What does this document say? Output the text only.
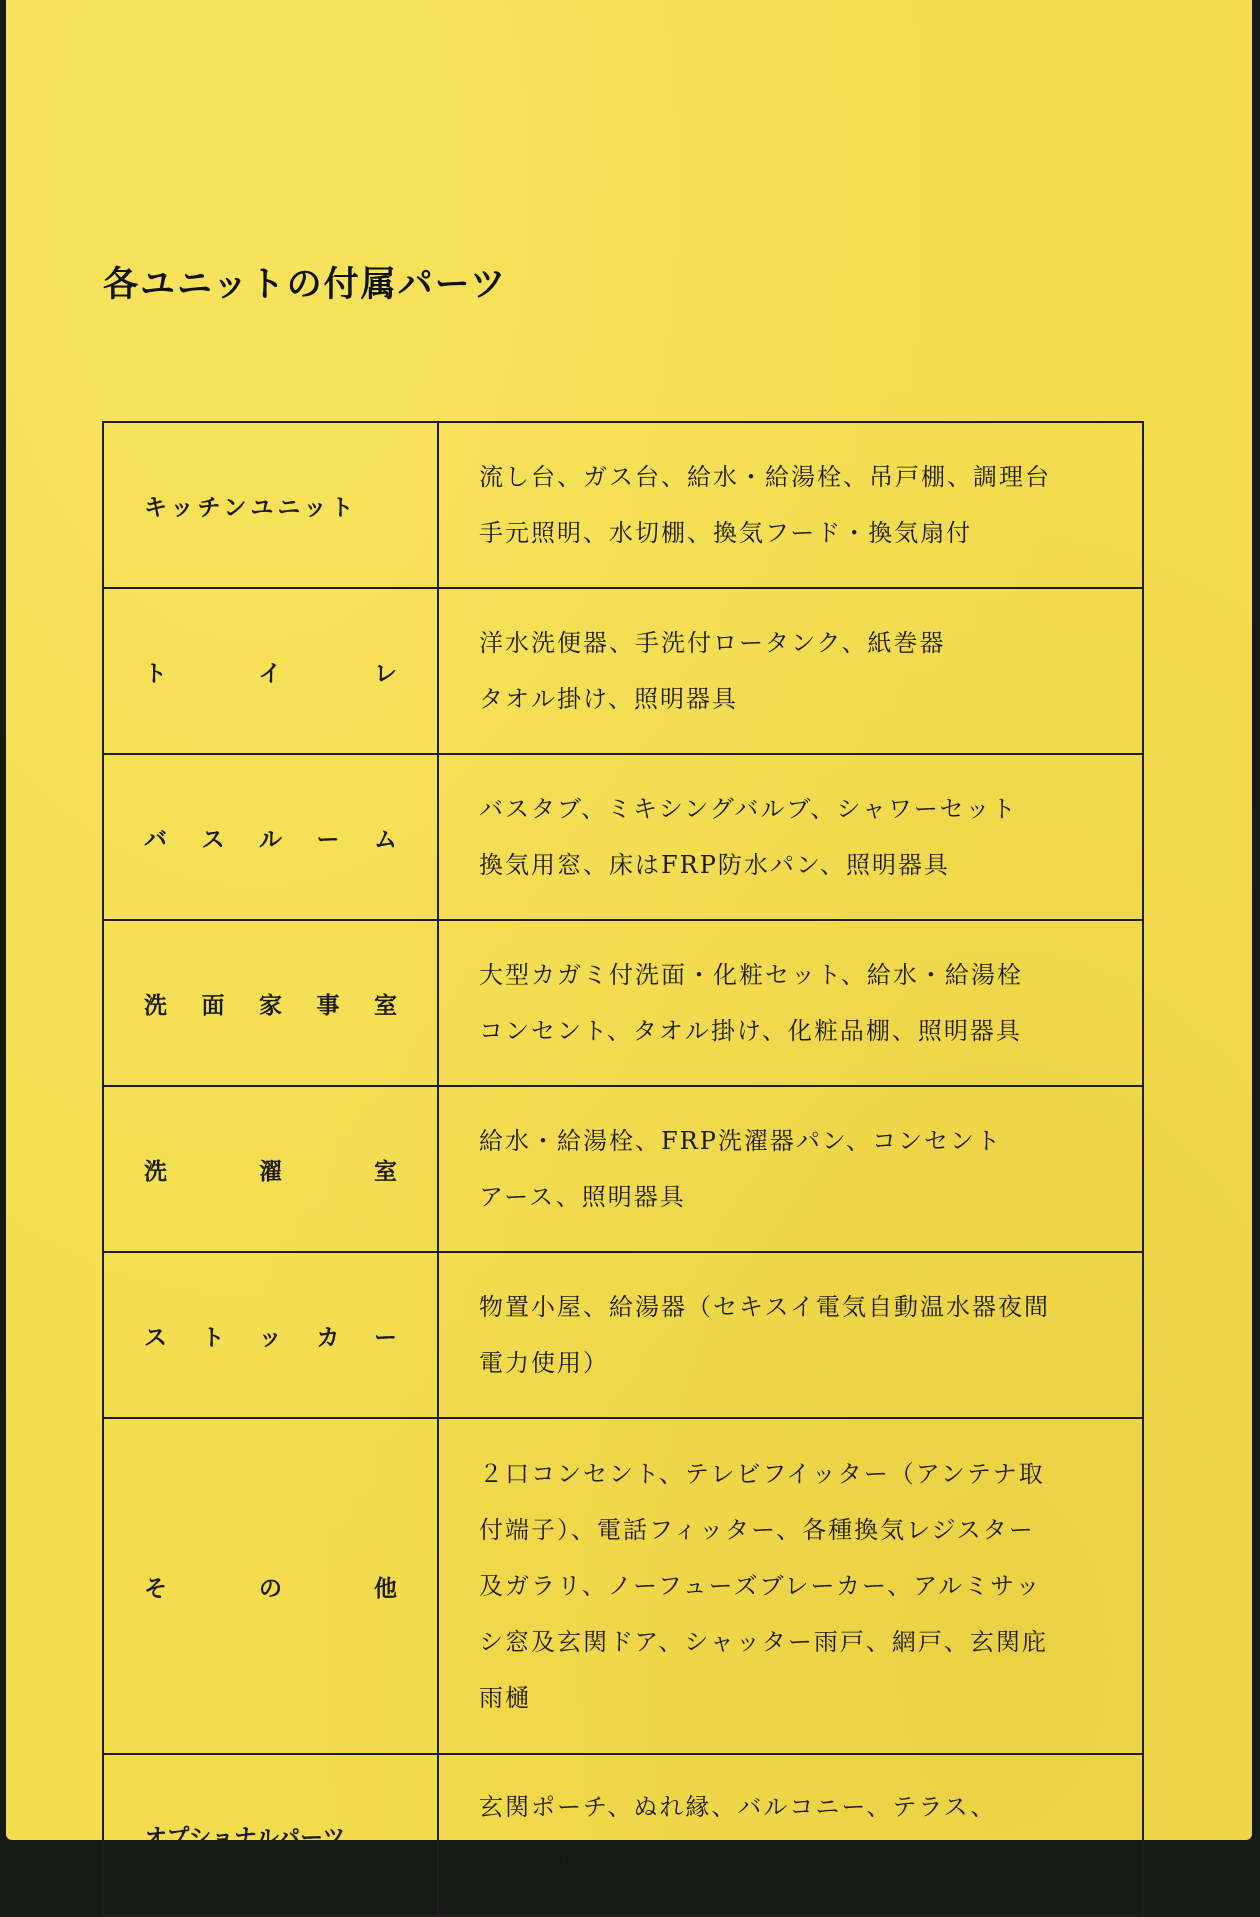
各ユニットの付属パーツ
キッチンユニット	流し台、ガス台、給水・給湯栓、吊戸棚、調理台
手元照明、水切棚、換気フード・換気扇付

トイレ	洋水洗便器、手洗付ロータンク、紙巻器
タオル掛け、照明器具

バスルーム	バスタブ、ミキシングバルブ、シャワーセット
換気用窓、床はFRP防水パン、照明器具

洗面家事室	大型カガミ付洗面・化粧セット、給水・給湯栓
コンセント、タオル掛け、化粧品棚、照明器具

洗濯室	給水・給湯栓、FRP洗濯器パン、コンセント
アース、照明器具

ストッカー	物置小屋、給湯器（セキスイ電気自動温水器夜間
電力使用）

その他	２口コンセント、テレビフイッター（アンテナ取
付端子）、電話フィッター、各種換気レジスター
及ガラリ、ノーフューズブレーカー、アルミサッ
シ窓及玄関ドア、シャッター雨戸、網戸、玄関庇
雨樋

オプショナルパーツ	玄関ポーチ、ぬれ縁、バルコニー、テラス、
暖房器具（セントラルヒーティング）
